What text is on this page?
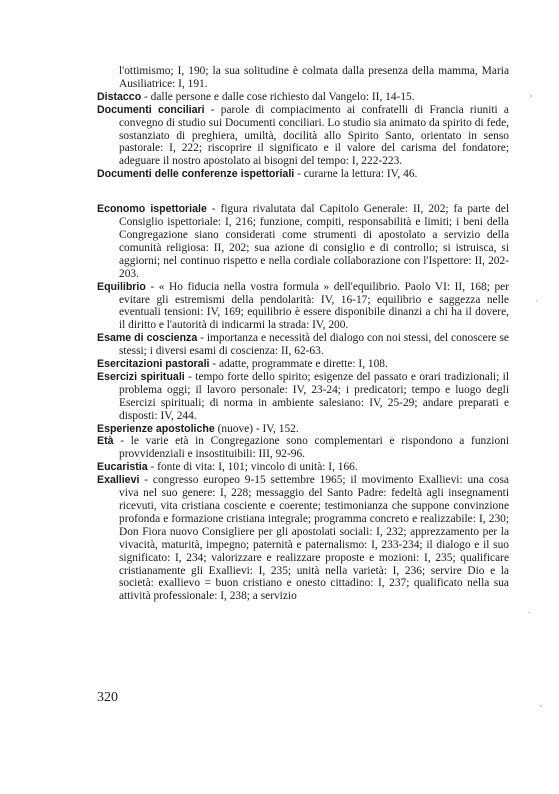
l'ottimismo; I, 190; la sua solitudine è colmata dalla presenza della mamma, Maria Ausiliatrice: I, 191.
Distacco - dalle persone e dalle cose richiesto dal Vangelo: II, 14-15.
Documenti conciliari - parole di compiacimento ai confratelli di Francia riuniti a convegno di studio sui Documenti conciliari. Lo studio sia animato da spirito di fede, sostanziato di preghiera, umiltà, docilità allo Spirito Santo, orientato in senso pastorale: I, 222; riscoprire il significato e il valore del carisma del fondatore; adeguare il nostro apostolato ai bisogni del tempo: I, 222-223.
Documenti delle conferenze ispettoriali - curarne la lettura: IV, 46.
Economo ispettoriale - figura rivalutata dal Capitolo Generale: II, 202; fa parte del Consiglio ispettoriale: I, 216; funzione, compiti, responsabilità e limiti; i beni della Congregazione siano considerati come strumenti di apostolato a servizio della comunità religiosa: II, 202; sua azione di consiglio e di controllo; si istruisca, si aggiorni; nel continuo rispetto e nella cordiale collaborazione con l'Ispettore: II, 202-203.
Equilibrio - « Ho fiducia nella vostra formula » dell'equilibrio. Paolo VI: II, 168; per evitare gli estremismi della pendolarità: IV, 16-17; equilibrio e saggezza nelle eventuali tensioni: IV, 169; equilibrio è essere disponibile dinanzi a chi ha il dovere, il diritto e l'autorità di indicarmi la strada: IV, 200.
Esame di coscienza - importanza e necessità del dialogo con noi stessi, del conoscere se stessi; i diversi esami di coscienza: II, 62-63.
Esercitazioni pastorali - adatte, programmate e dirette: I, 108.
Esercizi spirituali - tempo forte dello spirito; esigenze del passato e orari tradizionali; il problema oggi; il lavoro personale: IV, 23-24; i predicatori; tempo e luogo degli Esercizi spirituali; di norma in ambiente salesiano: IV, 25-29; andare preparati e disposti: IV, 244.
Esperienze apostoliche (nuove) - IV, 152.
Età - le varie età in Congregazione sono complementari e rispondono a funzioni provvidenziali e insostituibili: III, 92-96.
Eucaristia - fonte di vita: I, 101; vincolo di unità: I, 166.
Exallievi - congresso europeo 9-15 settembre 1965; il movimento Exallievi: una cosa viva nel suo genere: I, 228; messaggio del Santo Padre: fedeltà agli insegnamenti ricevuti, vita cristiana cosciente e coerente; testimonianza che suppone convinzione profonda e formazione cristiana integrale; programma concreto e realizzabile: I, 230; Don Fiora nuovo Consigliere per gli apostolati sociali: I, 232; apprezzamento per la vivacità, maturità, impegno; paternità e paternalismo: I, 233-234; il dialogo e il suo significato: I, 234; valorizzare e realizzare proposte e mozioni: I, 235; qualificare cristianamente gli Exallievi: I, 235; unità nella varietà: I, 236; servire Dio e la società: exallievo = buon cristiano e onesto cittadino: I, 237; qualificato nella sua attività professionale: I, 238; a servizio
320
